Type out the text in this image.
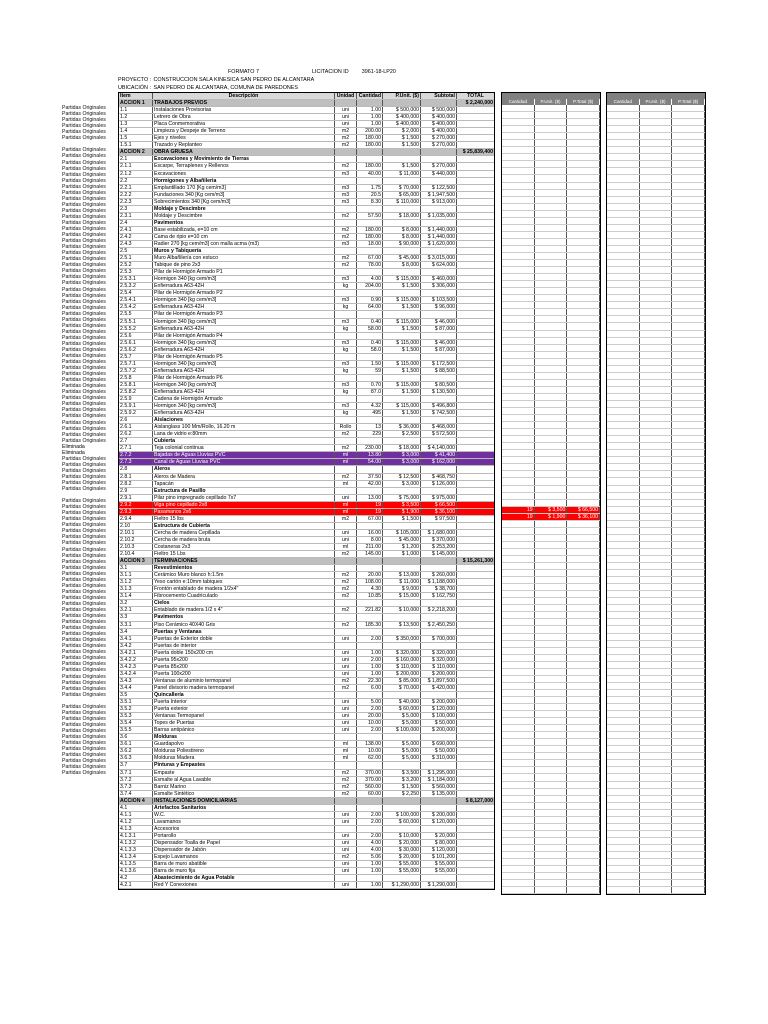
FORMATO 7	LICITACION ID 3961-18-LP20
PROYECTO : CONSTRUCCION SALA KINESICA SAN PEDRO DE ALCANTARA
UBICACIÓN : SAN PEDRO DE ALCANTARA, COMUNA DE PAREDONES
Partidas Originales
Partidas Originales
Partidas Originales
Partidas Originales
Partidas Originales
Partidas Originales
Partidas Originales
Partidas Originales
Partidas Originales
Partidas Originales
Partidas Originales
Partidas Originales
Partidas Originales
Partidas Originales
Partidas Originales
Partidas Originales
Partidas Originales
Partidas Originales
Partidas Originales
Partidas Originales
Partidas Originales
Partidas Originales
Partidas Originales
Partidas Originales
Partidas Originales
Partidas Originales
Partidas Originales
Partidas Originales
Partidas Originales
Partidas Originales
Partidas Originales
Partidas Originales
Partidas Originales
Partidas Originales
Partidas Originales
Partidas Originales
Partidas Originales
Partidas Originales
Partidas Originales
Partidas Originales
Partidas Originales
Partidas Originales
Partidas Originales
Partidas Originales
Partidas Originales
Partidas Originales
Partidas Originales
Partidas Originales
Partidas Originales
Partidas Originales
Partidas Originales
Partidas Originales
Partidas Originales
Partidas Originales
Partidas Originales
Eliminada
Eliminada
Partidas Originales
Partidas Originales
Partidas Originales
Partidas Originales
Partidas Originales
Partidas Originales
Partidas Originales
Partidas Originales
Partidas Originales
Partidas Originales
Partidas Originales
Partidas Originales
Partidas Originales
Partidas Originales
Partidas Originales
Partidas Originales
Partidas Originales
Partidas Originales
Partidas Originales
Partidas Originales
Partidas Originales
Partidas Originales
Partidas Originales
Partidas Originales
Partidas Originales
Partidas Originales
Partidas Originales
Partidas Originales
Partidas Originales
Partidas Originales
Partidas Originales
Partidas Originales
Partidas Originales
Partidas Originales
Partidas Originales
Partidas Originales
Partidas Originales
Partidas Originales
Partidas Originales
Partidas Originales
Partidas Originales
Partidas Originales
Partidas Originales
Partidas Originales
Partidas Originales
Partidas Originales
Partidas Originales
Partidas Originales
Partidas Originales
Partidas Originales
Partidas Originales
Item	Descripción	Unidad Cantidad	P.Unit. ($)	Subtotal	TOTAL
ACCION 1	TRABAJOS PREVIOS	$ 2,240,000
1.1	Instalaciones Provisorias	uni	1.00	$ 500,000	$ 500,000
1.2	Letrero de Obra	uni	1.00	$ 400,000	$ 400,000
1.3	Placa Conmemorativa	uni	1.00	$ 400,000	$ 400,000
1.4	Limpieza y Despeje de Terreno	m2	200.00	$ 2,000	$ 400,000
1.5	Ejes y niveles	m2	180.00	$ 1,500	$ 270,000
1.5.1	Trazado y Replanteo	m2	180.00	$ 1,500	$ 270,000
ACCION 2	OBRA GRUESA	$ 25,839,400
2.1	Excavaciones y Movimiento de Tierras
2.1.1	Escarpe, Terraplenes y Rellenos	m2	180.00	$ 1,500	$ 270,000
2.1.2	Excavaciones	m3	40.00	$ 11,000	$ 440,000
2.2	Hormigones y Albañileria
2.2.1	Emplantillado 170 [Kg cem/m3]	m3	1.75	$ 70,000	$ 122,500
2.2.2	Fundaciones 340 [Kg cem/m3]	m3	20.5	$ 65,000	$ 1,947,500
2.2.3	Sobrecimientos 340 [Kg cem/m3]	m3	8.30	$ 110,000	$ 913,000
2.3	Moldaje y Descimbre
2.3.1	Moldaje y Descimbre	m2	57.50	$ 18,000	$ 1,035,000
2.4	Pavimentos
2.4.1	Base estabilizada, e=10 cm	m2	180.00	$ 8,000	$ 1,440,000
2.4.2	Cama de ripio e=10 cm	m2	180.00	$ 8,000	$ 1,440,000
2.4.3	Radier 270 [kg cem/m3] con malla acma (m3)	m3	18.00	$ 90,000	$ 1,620,000
2.5	Muros y Tabiquería
2.5.1	Muro Albañilería con estuco	m2	67.00	$ 45,000	$ 3,015,000
2.5.2	Tabique de pino 2x3	m2	78.00	$ 8,000	$ 624,000
2.5.3	Pilar de Hormigón Armado P1
2.5.3.1	Hormigon 340 [kg cem/m3]	m3	4.00	$ 115,000	$ 460,000
2.5.3.2	Enfierradura A63-42H	kg	204.00	$ 1,500	$ 306,000
2.5.4	Pilar de Hormigón Armado P2
2.5.4.1	Hormigon 340 [kg cem/m3]	m3	0.90	$ 115,000	$ 103,500
2.5.4.2	Enfierradura A63-42H	kg	64.00	$ 1,500	$ 96,000
2.5.5	Pilar de Hormigón Armado P3
2.5.5.1	Hormigon 340 [kg cem/m3]	m3	0.40	$ 115,000	$ 46,000
2.5.5.2	Enfierradura A63-42H	kg	58.00	$ 1,500	$ 87,000
2.5.6	Pilar de Hormigón Armado P4
2.5.6.1	Hormigon 340 [kg cem/m3]	m3	0.40	$ 115,000	$ 46,000
2.5.6.2	Enfierradura A63-42H	kg	58.0	$ 1,500	$ 87,000
2.5.7	Pilar de Hormigón Armado P5
2.5.7.1	Hormigon 340 [kg cem/m3]	m3	1.50	$ 115,000	$ 172,500
2.5.7.2	Enfierradura A63-42H	kg	59	$ 1,500	$ 88,500
2.5.8	Pilar de Hormigón Armado P6
2.5.8.1	Hormigon 340 [kg cem/m3]	m3	0.70	$ 115,000	$ 80,500
2.5.8.2	Enfierradura A63-42H	kg	87.0	$ 1,500	$ 130,500
2.5.9	Cadena de Hormigón Armado
2.5.9.1	Hormigon 340 [kg cem/m3]	m3	4.32	$ 115,000	$ 496,800
2.5.9.2	Enfierradura A63-42H	kg	495	$ 1,500	$ 742,500
2.6	Aislaciones
2.6.1	Aislanglass 100 Mm/Rollo, 16.20 m	Rollo	13	$ 36,000	$ 468,000
2.6.2	Lana de vidrio e:80mm	m2	229	$ 2,500	$ 572,500
2.7	Cubierta
2.7.1	Teja colonial continua	m2	230.00	$ 18,000	$ 4,140,000
2.7.2	Bajadas de Aguas Lluvias PVC	ml	13.80	$ 3,000	$ 41,400
2.7.3	Canal de Aguas Lluvias PVC	ml	54.00	$ 3,000	$ 162,000
2.8	Aleros
2.8.1	Aleros de Madera	m2	37.50	$ 12,500	$ 468,750
2.8.2	Tapacán	ml	42.00	$ 3,000	$ 126,000
2.9	Estructura de Pasillo
2.9.1	Pilar pino impregnado cepillado 7x7	uni	13.00	$ 75,000	$ 975,000
2.9.2	Viga pino cepillado 2x8	ml	19	$ 3,500	$ 66,500
2.9.3	Pasamanos 2x6	ml	19	$ 1,900	$ 36,100
2.9.4	Fieltro 15 lbs	m2	67.00	$ 1,500	$ 97,500
2.10	Estructura de Cubierta
2.10.1	Cercha de madera Cepillada	uni	16.00	$ 105,000	$ 1,680,000
2.10.2	Cercha de madera bruta	uni	8.00	$ 45,000	$ 370,000
2.10.3	Costaneras 2x3	ml	211.00	$ 1,200	$ 253,200
2.10.4	Fieltro 15 Lbs	m2	145.00	$ 1,000	$ 145,000
ACCION 3	TERMINACIONES	$ 15,261,300
3.1	Revestimientos
3.1.1	Cerámico Muro blanco h:1.5m	m2	20.00	$ 13,000	$ 260,000
3.1.2	Yeso cartón e:10mm tabiques	m2	108.00	$ 11,000	$ 1,188,000
3.1.3	Frontón entablado de madera 1/2x4"	m2	4.30	$ 9,000	$ 38,700
3.1.4	Fibrocemento Cuadriculado	m2	10.85	$ 15,000	$ 162,750
3.2	Cielos
3.2.1	Entablado de madera 1/2 x 4"	m2	221.82	$ 10,000	$ 2,218,200
3.3	Pavimentos
3.3.1	Piso Cerámico 40X40 Gris	m2	185.30	$ 13,500	$ 2,450,250
3.4	Puertas y Ventanas
3.4.1	Puertas de Exterior doble	uni	2.00	$ 350,000	$ 700,000
3.4.2	Puertas de interior
3.4.2.1	Puerta doble 150x200 cm	uni	1.00	$ 320,000	$ 320,000
3.4.2.2	Puerta 95x200	uni	2.00	$ 160,000	$ 320,000
3.4.2.3	Puerta 85x200	uni	1.00	$ 110,000	$ 110,000
3.4.2.4	Puerta 100x200	uni	1.00	$ 200,000	$ 200,000
3.4.3	Ventanas de aluminio termopanel	m2	22.30	$ 85,000	$ 1,897,500
3.4.4	Panel divisorio madera termopanel	m2	6.00	$ 70,000	$ 420,000
3.5	Quincallería
3.5.1	Puerta Interior	uni	5.00	$ 40,000	$ 200,000
3.5.2	Puerta exterior	uni	2.00	$ 60,000	$ 120,000
3.5.3	Ventanas Termopanel	uni	20.00	$ 5,000	$ 100,000
3.5.4	Topes de Puertas	uni	10.00	$ 5,000	$ 50,000
3.5.5	Barras antipánico	uni	2.00	$ 100,000	$ 200,000
3.6	Molduras
3.6.1	Guardapolvo	ml	138.00	$ 5,000	$ 690,000
3.6.2	Molduras Poliestireno	ml	10.00	$ 5,000	$ 50,000
3.6.3	Molduras Madera	ml	62.00	$ 5,000	$ 310,000
3.7	Pinturas y Empastes
3.7.1	Empaste	m2	370.00	$ 3,500	$ 1,295,000
3.7.2	Esmalte al Agua Lavable	m2	370.00	$ 3,200	$ 1,184,000
3.7.3	Barniz Marino	m2	560.00	$ 1,500	$ 560,000
3.7.4	Esmalte Sintético	m2	60.00	$ 2,250	$ 135,000
ACCION 4	INSTALACIONES DOMICILIARIAS	$ 8,127,000
4.1	Artefactos Sanitarios
4.1.1	W.C.	uni	2.00	$ 100,000	$ 200,000
4.1.2	Lavamanos	uni	2.00	$ 60,000	$ 120,000
4.1.3	Accesorios
4.1.3.1	Portarollo	uni	2.00	$ 10,000	$ 20,000
4.1.3.2	Dispensador Toalla de Papel	uni	4.00	$ 20,000	$ 80,000
4.1.3.3	Dispensador de Jabón	uni	4.00	$ 30,000	$ 120,000
4.1.3.4	Espejo Lavamanos	m2	5.06	$ 20,000	$ 101,200
4.1.3.5	Barra de muro abatible	uni	1.00	$ 55,000	$ 55,000
4.1.3.6	Barra de muro fija	uni	1.00	$ 55,000	$ 55,000
4.2	Abastecimiento de Agua Potable
4.2.1	Red Y Conexiones	uni	1.00	$ 1,290,000	$ 1,290,000
Cantidad	P.Unit. ($)	P.Total ($)
19	$ 3,500	$ 66,500
19	$ 1,900	$ 36,100
Cantidad	P.Unit. ($)	P.Total ($)
